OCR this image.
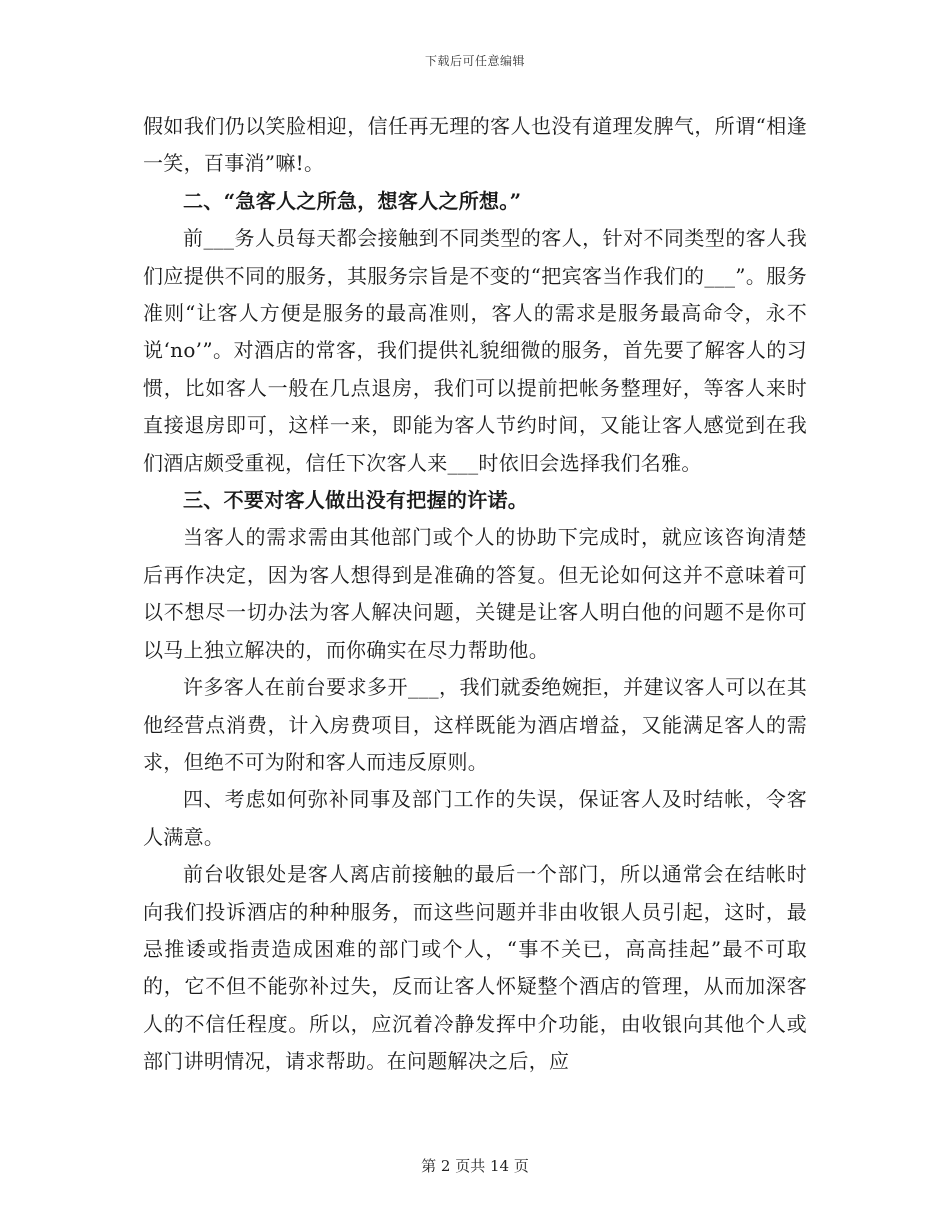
下载后可任意编辑

假如我们仍以笑脸相迎，信任再无理的客人也没有道理发脾气，所谓“相逢一笑，百事消”嘛!。

二、“急客人之所急，想客人之所想。”

前___务人员每天都会接触到不同类型的客人，针对不同类型的客人我们应提供不同的服务，其服务宗旨是不变的“把宾客当作我们的___”。服务准则“让客人方便是服务的最高准则，客人的需求是服务最高命令，永不说‘no’”。对酒店的常客，我们提供礼貌细微的服务，首先要了解客人的习惯，比如客人一般在几点退房，我们可以提前把帐务整理好，等客人来时直接退房即可，这样一来，即能为客人节约时间，又能让客人感觉到在我们酒店颇受重视，信任下次客人来___时依旧会选择我们名雅。

三、不要对客人做出没有把握的许诺。

当客人的需求需由其他部门或个人的协助下完成时，就应该咨询清楚后再作决定，因为客人想得到是准确的答复。但无论如何这并不意味着可以不想尽一切办法为客人解决问题，关键是让客人明白他的问题不是你可以马上独立解决的，而你确实在尽力帮助他。

许多客人在前台要求多开___，我们就委绝婉拒，并建议客人可以在其他经营点消费，计入房费项目，这样既能为酒店增益，又能满足客人的需求，但绝不可为附和客人而违反原则。

四、考虑如何弥补同事及部门工作的失误，保证客人及时结帐，令客人满意。

前台收银处是客人离店前接触的最后一个部门，所以通常会在结帐时向我们投诉酒店的种种服务，而这些问题并非由收银人员引起，这时，最忌推诿或指责造成困难的部门或个人，“事不关已，高高挂起”最不可取的，它不但不能弥补过失，反而让客人怀疑整个酒店的管理，从而加深客人的不信任程度。所以，应沉着冷静发挥中介功能，由收银向其他个人或部门讲明情况，请求帮助。在问题解决之后，应

第 2 页共 14 页
